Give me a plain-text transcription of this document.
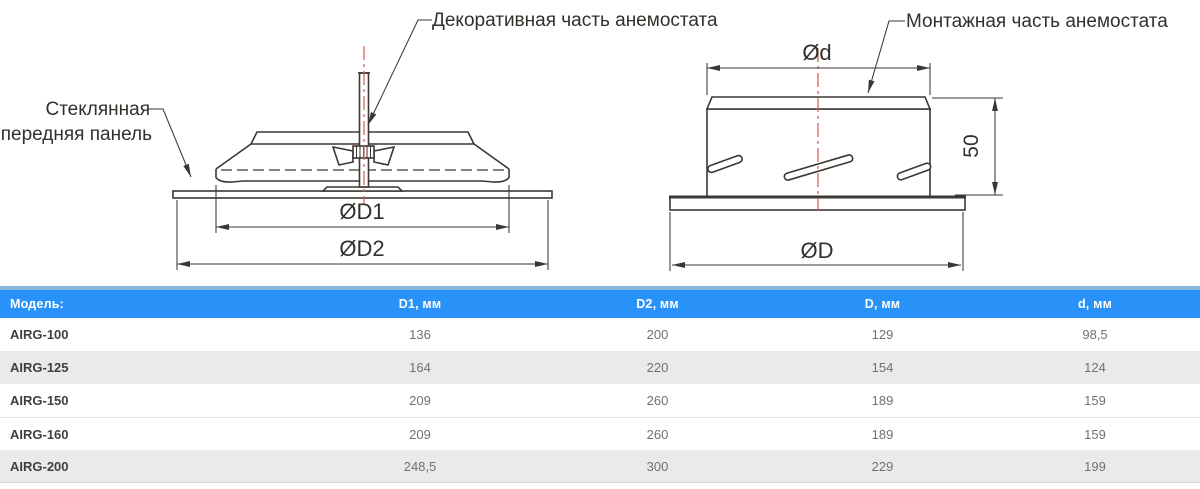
ØD1
ØD2
Декоративная часть анемостата
Стеклянная
передняя панель
Ød
ØD
50
Монтажная часть анемостата
Модель:	D1, мм	D2, мм	D, мм	d, мм
AIRG-100	136	200	129	98,5
AIRG-125	164	220	154	124
AIRG-150	209	260	189	159
AIRG-160	209	260	189	159
AIRG-200	248,5	300	229	199
